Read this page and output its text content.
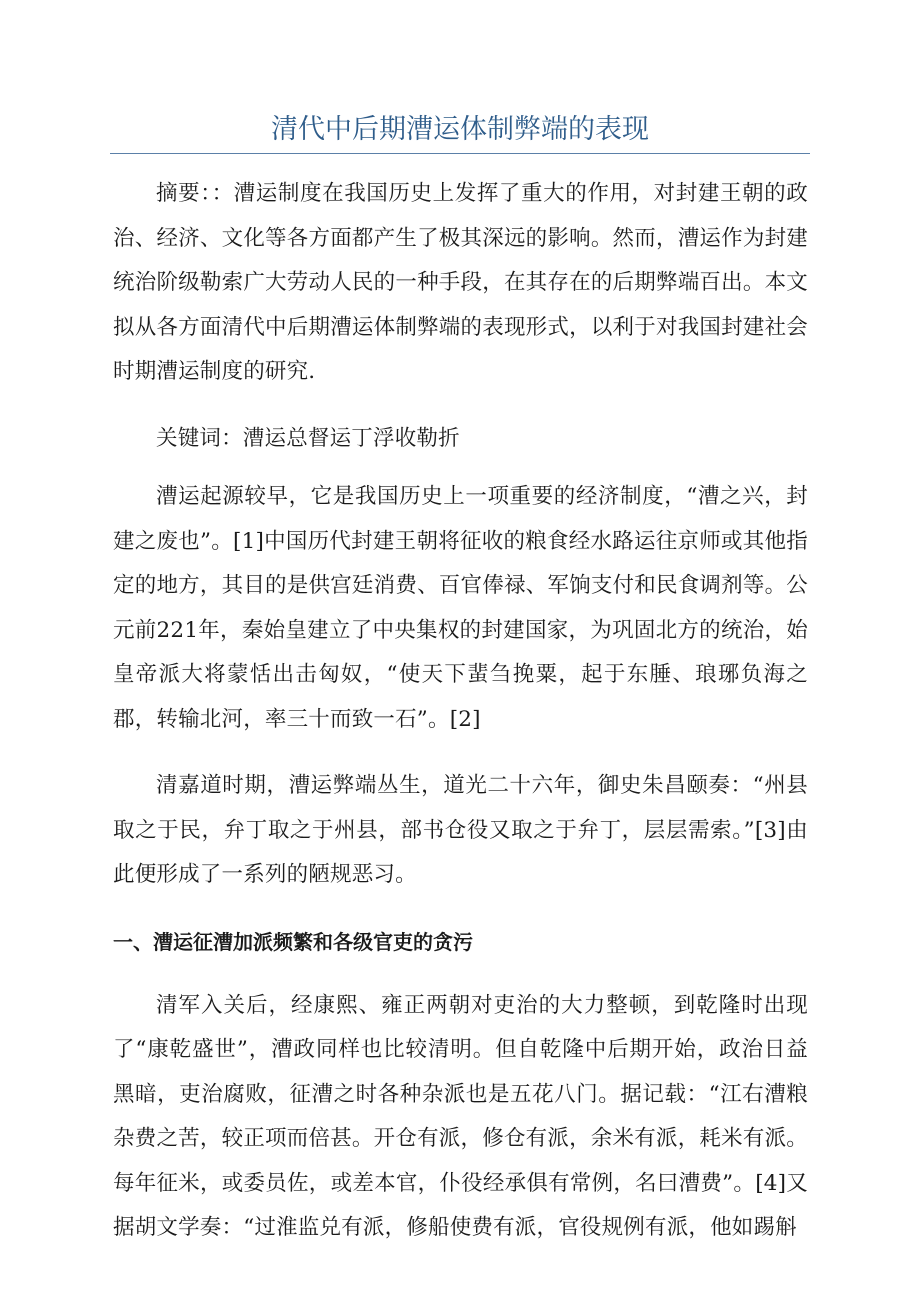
清代中后期漕运体制弊端的表现

摘要：：漕运制度在我国历史上发挥了重大的作用，对封建王朝的政治、经济、文化等各方面都产生了极其深远的影响。然而，漕运作为封建统治阶级勒索广大劳动人民的一种手段，在其存在的后期弊端百出。本文拟从各方面清代中后期漕运体制弊端的表现形式，以利于对我国封建社会时期漕运制度的研究.

关键词：漕运总督运丁浮收勒折

漕运起源较早，它是我国历史上一项重要的经济制度，“漕之兴，封建之废也”。[1]中国历代封建王朝将征收的粮食经水路运往京师或其他指定的地方，其目的是供宫廷消费、百官俸禄、军饷支付和民食调剂等。公元前221年，秦始皇建立了中央集权的封建国家，为巩固北方的统治，始皇帝派大将蒙恬出击匈奴，“使天下蜚刍挽粟，起于东腄、琅琊负海之郡，转输北河，率三十而致一石”。[2]

清嘉道时期，漕运弊端丛生，道光二十六年，御史朱昌颐奏：“州县取之于民，弁丁取之于州县，部书仓役又取之于弁丁，层层需索。”[3]由此便形成了一系列的陋规恶习。

一、漕运征漕加派频繁和各级官吏的贪污

清军入关后，经康熙、雍正两朝对吏治的大力整顿，到乾隆时出现了“康乾盛世”，漕政同样也比较清明。但自乾隆中后期开始，政治日益黑暗，吏治腐败，征漕之时各种杂派也是五花八门。据记载：“江右漕粮杂费之苦，较正项而倍甚。开仓有派，修仓有派，余米有派，耗米有派。每年征米，或委员佐，或差本官，仆役经承俱有常例，名曰漕费”。[4]又据胡文学奏：“过淮监兑有派，修船使费有派，官役规例有派，他如踢斛
